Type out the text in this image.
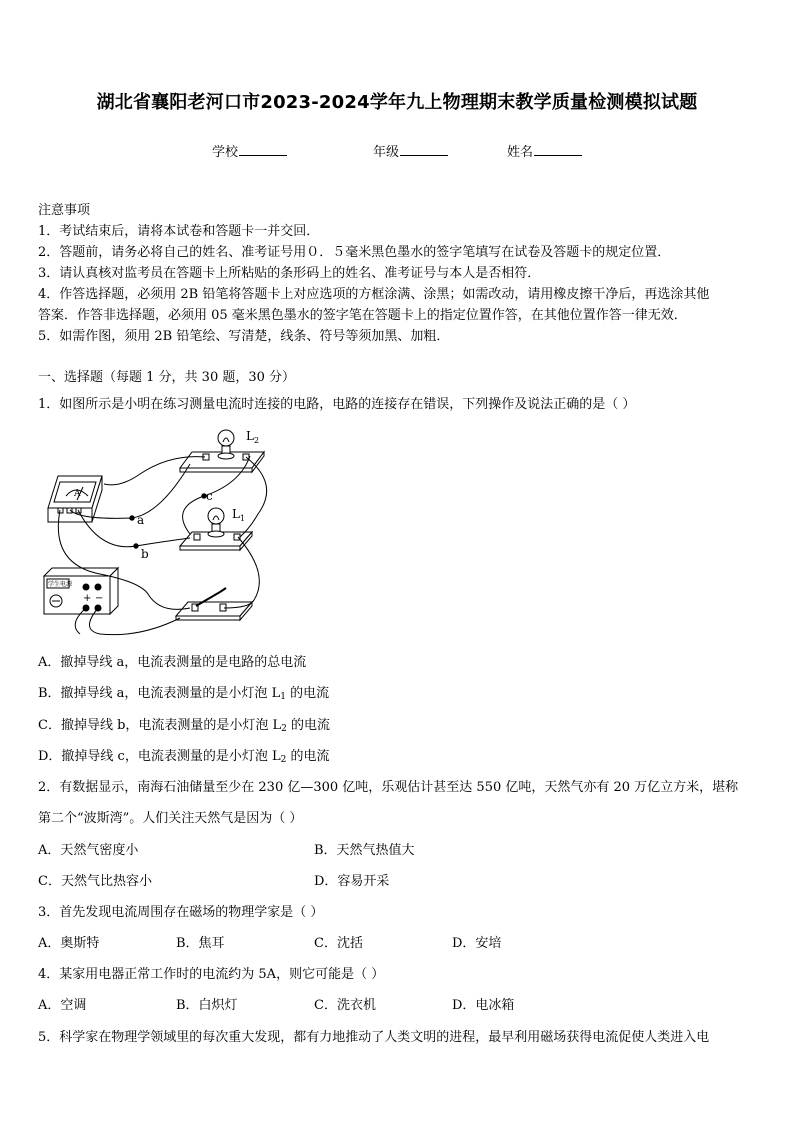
湖北省襄阳老河口市2023-2024学年九上物理期末教学质量检测模拟试题
学校	年级	姓名
注意事项
1．考试结束后，请将本试卷和答题卡一并交回．
2．答题前，请务必将自己的姓名、准考证号用０．５毫米黑色墨水的签字笔填写在试卷及答题卡的规定位置．
3．请认真核对监考员在答题卡上所粘贴的条形码上的姓名、准考证号与本人是否相符．
4．作答选择题，必须用 2B 铅笔将答题卡上对应选项的方框涂满、涂黑；如需改动，请用橡皮擦干净后，再选涂其他
答案．作答非选择题，必须用 05 毫米黑色墨水的签字笔在答题卡上的指定位置作答，在其他位置作答一律无效．
5．如需作图，须用 2B 铅笔绘、写清楚，线条、符号等须加黑、加粗．
一、选择题（每题 1 分，共 30 题，30 分）
1．如图所示是小明在练习测量电流时连接的电路，电路的连接存在错误，下列操作及说法正确的是（ ）
$L_2$
$L_1$
a
b
c
A
学生电源
+ −
A．撤掉导线 a，电流表测量的是电路的总电流
B．撤掉导线 a，电流表测量的是小灯泡 $L_1$ 的电流
C．撤掉导线 b，电流表测量的是小灯泡 $L_2$ 的电流
D．撤掉导线 c，电流表测量的是小灯泡 $L_2$ 的电流
2．有数据显示，南海石油储量至少在 230 亿—300 亿吨，乐观估计甚至达 550 亿吨，天然气亦有 20 万亿立方米，堪称
第二个“波斯湾”。人们关注天然气是因为（ ）
A．天然气密度小	B．天然气热值大
C．天然气比热容小	D．容易开采
3．首先发现电流周围存在磁场的物理学家是（ ）
A．奥斯特	B．焦耳	C．沈括	D．安培
4．某家用电器正常工作时的电流约为 5A，则它可能是（ ）
A．空调	B．白炽灯	C．洗衣机	D．电冰箱
5．科学家在物理学领域里的每次重大发现，都有力地推动了人类文明的进程，最早利用磁场获得电流促使人类进入电
